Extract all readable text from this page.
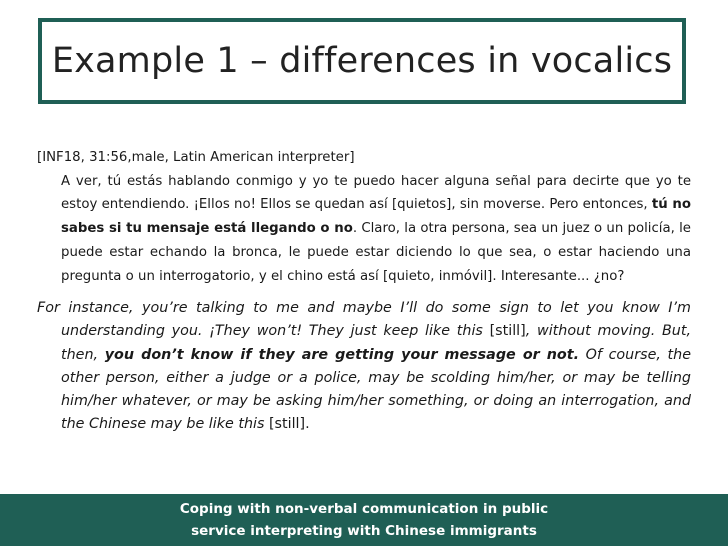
Example 1 – differences in vocalics

[INF18, 31:56,male, Latin American interpreter]
A ver, tú estás hablando conmigo y yo te puedo hacer alguna señal para decirte que yo te estoy entendiendo. ¡Ellos no! Ellos se quedan así [quietos], sin moverse. Pero entonces, tú no sabes si tu mensaje está llegando o no. Claro, la otra persona, sea un juez o un policía, le puede estar echando la bronca, le puede estar diciendo lo que sea, o estar haciendo una pregunta o un interrogatorio, y el chino está así [quieto, inmóvil]. Interesante... ¿no?

For instance, you’re talking to me and maybe I’ll do some sign to let you know I’m understanding you. ¡They won’t! They just keep like this [still], without moving. But, then, you don’t know if they are getting your message or not. Of course, the other person, either a judge or a police, may be scolding him/her, or may be telling him/her whatever, or may be asking him/her something, or doing an interrogation, and the Chinese may be like this [still].

Coping with non-verbal communication in public
service interpreting with Chinese immigrants
